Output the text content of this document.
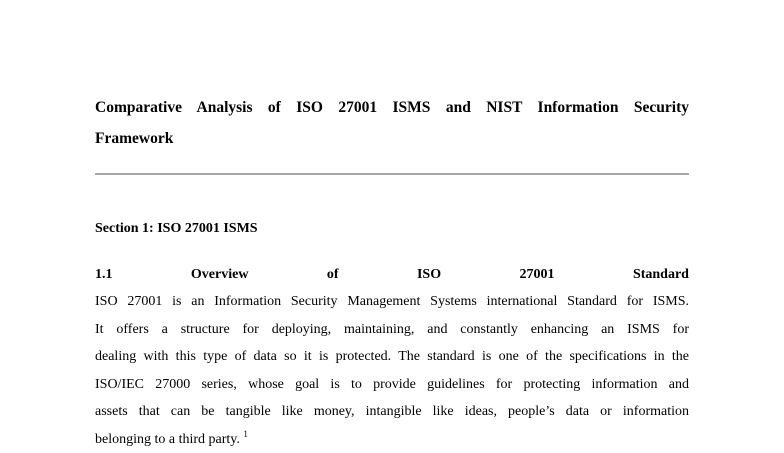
Comparative Analysis of ISO 27001 ISMS and NIST Information Security
Framework
Section 1: ISO 27001 ISMS
1.1	Overview	of	ISO	27001	Standard
ISO 27001 is an Information Security Management Systems international Standard for ISMS.
It offers a structure for deploying, maintaining, and constantly enhancing an ISMS for
dealing with this type of data so it is protected. The standard is one of the specifications in the
ISO/IEC 27000 series, whose goal is to provide guidelines for protecting information and
assets that can be tangible like money, intangible like ideas, people’s data or information
belonging to a third party. $^1$
